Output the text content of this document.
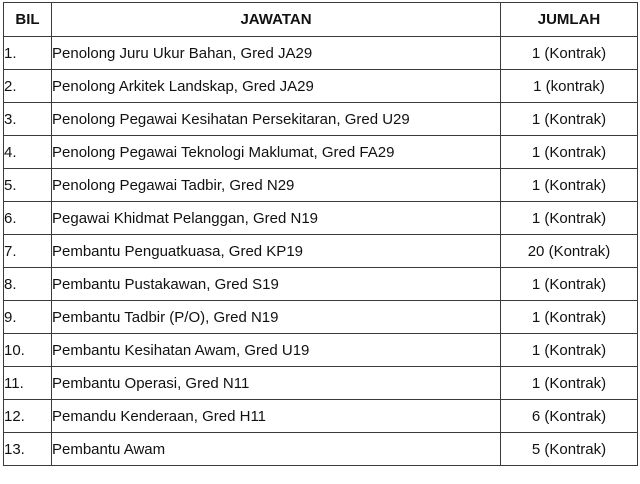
BIL	JAWATAN	JUMLAH
1.	Penolong Juru Ukur Bahan, Gred JA29	1 (Kontrak)
2.	Penolong Arkitek Landskap, Gred JA29	1 (kontrak)
3.	Penolong Pegawai Kesihatan Persekitaran, Gred U29	1 (Kontrak)
4.	Penolong Pegawai Teknologi Maklumat, Gred FA29	1 (Kontrak)
5.	Penolong Pegawai Tadbir, Gred N29	1 (Kontrak)
6.	Pegawai Khidmat Pelanggan, Gred N19	1 (Kontrak)
7.	Pembantu Penguatkuasa, Gred KP19	20 (Kontrak)
8.	Pembantu Pustakawan, Gred S19	1 (Kontrak)
9.	Pembantu Tadbir (P/O), Gred N19	1 (Kontrak)
10.	Pembantu Kesihatan Awam, Gred U19	1 (Kontrak)
11.	Pembantu Operasi, Gred N11	1 (Kontrak)
12.	Pemandu Kenderaan, Gred H11	6 (Kontrak)
13.	Pembantu Awam	5 (Kontrak)
